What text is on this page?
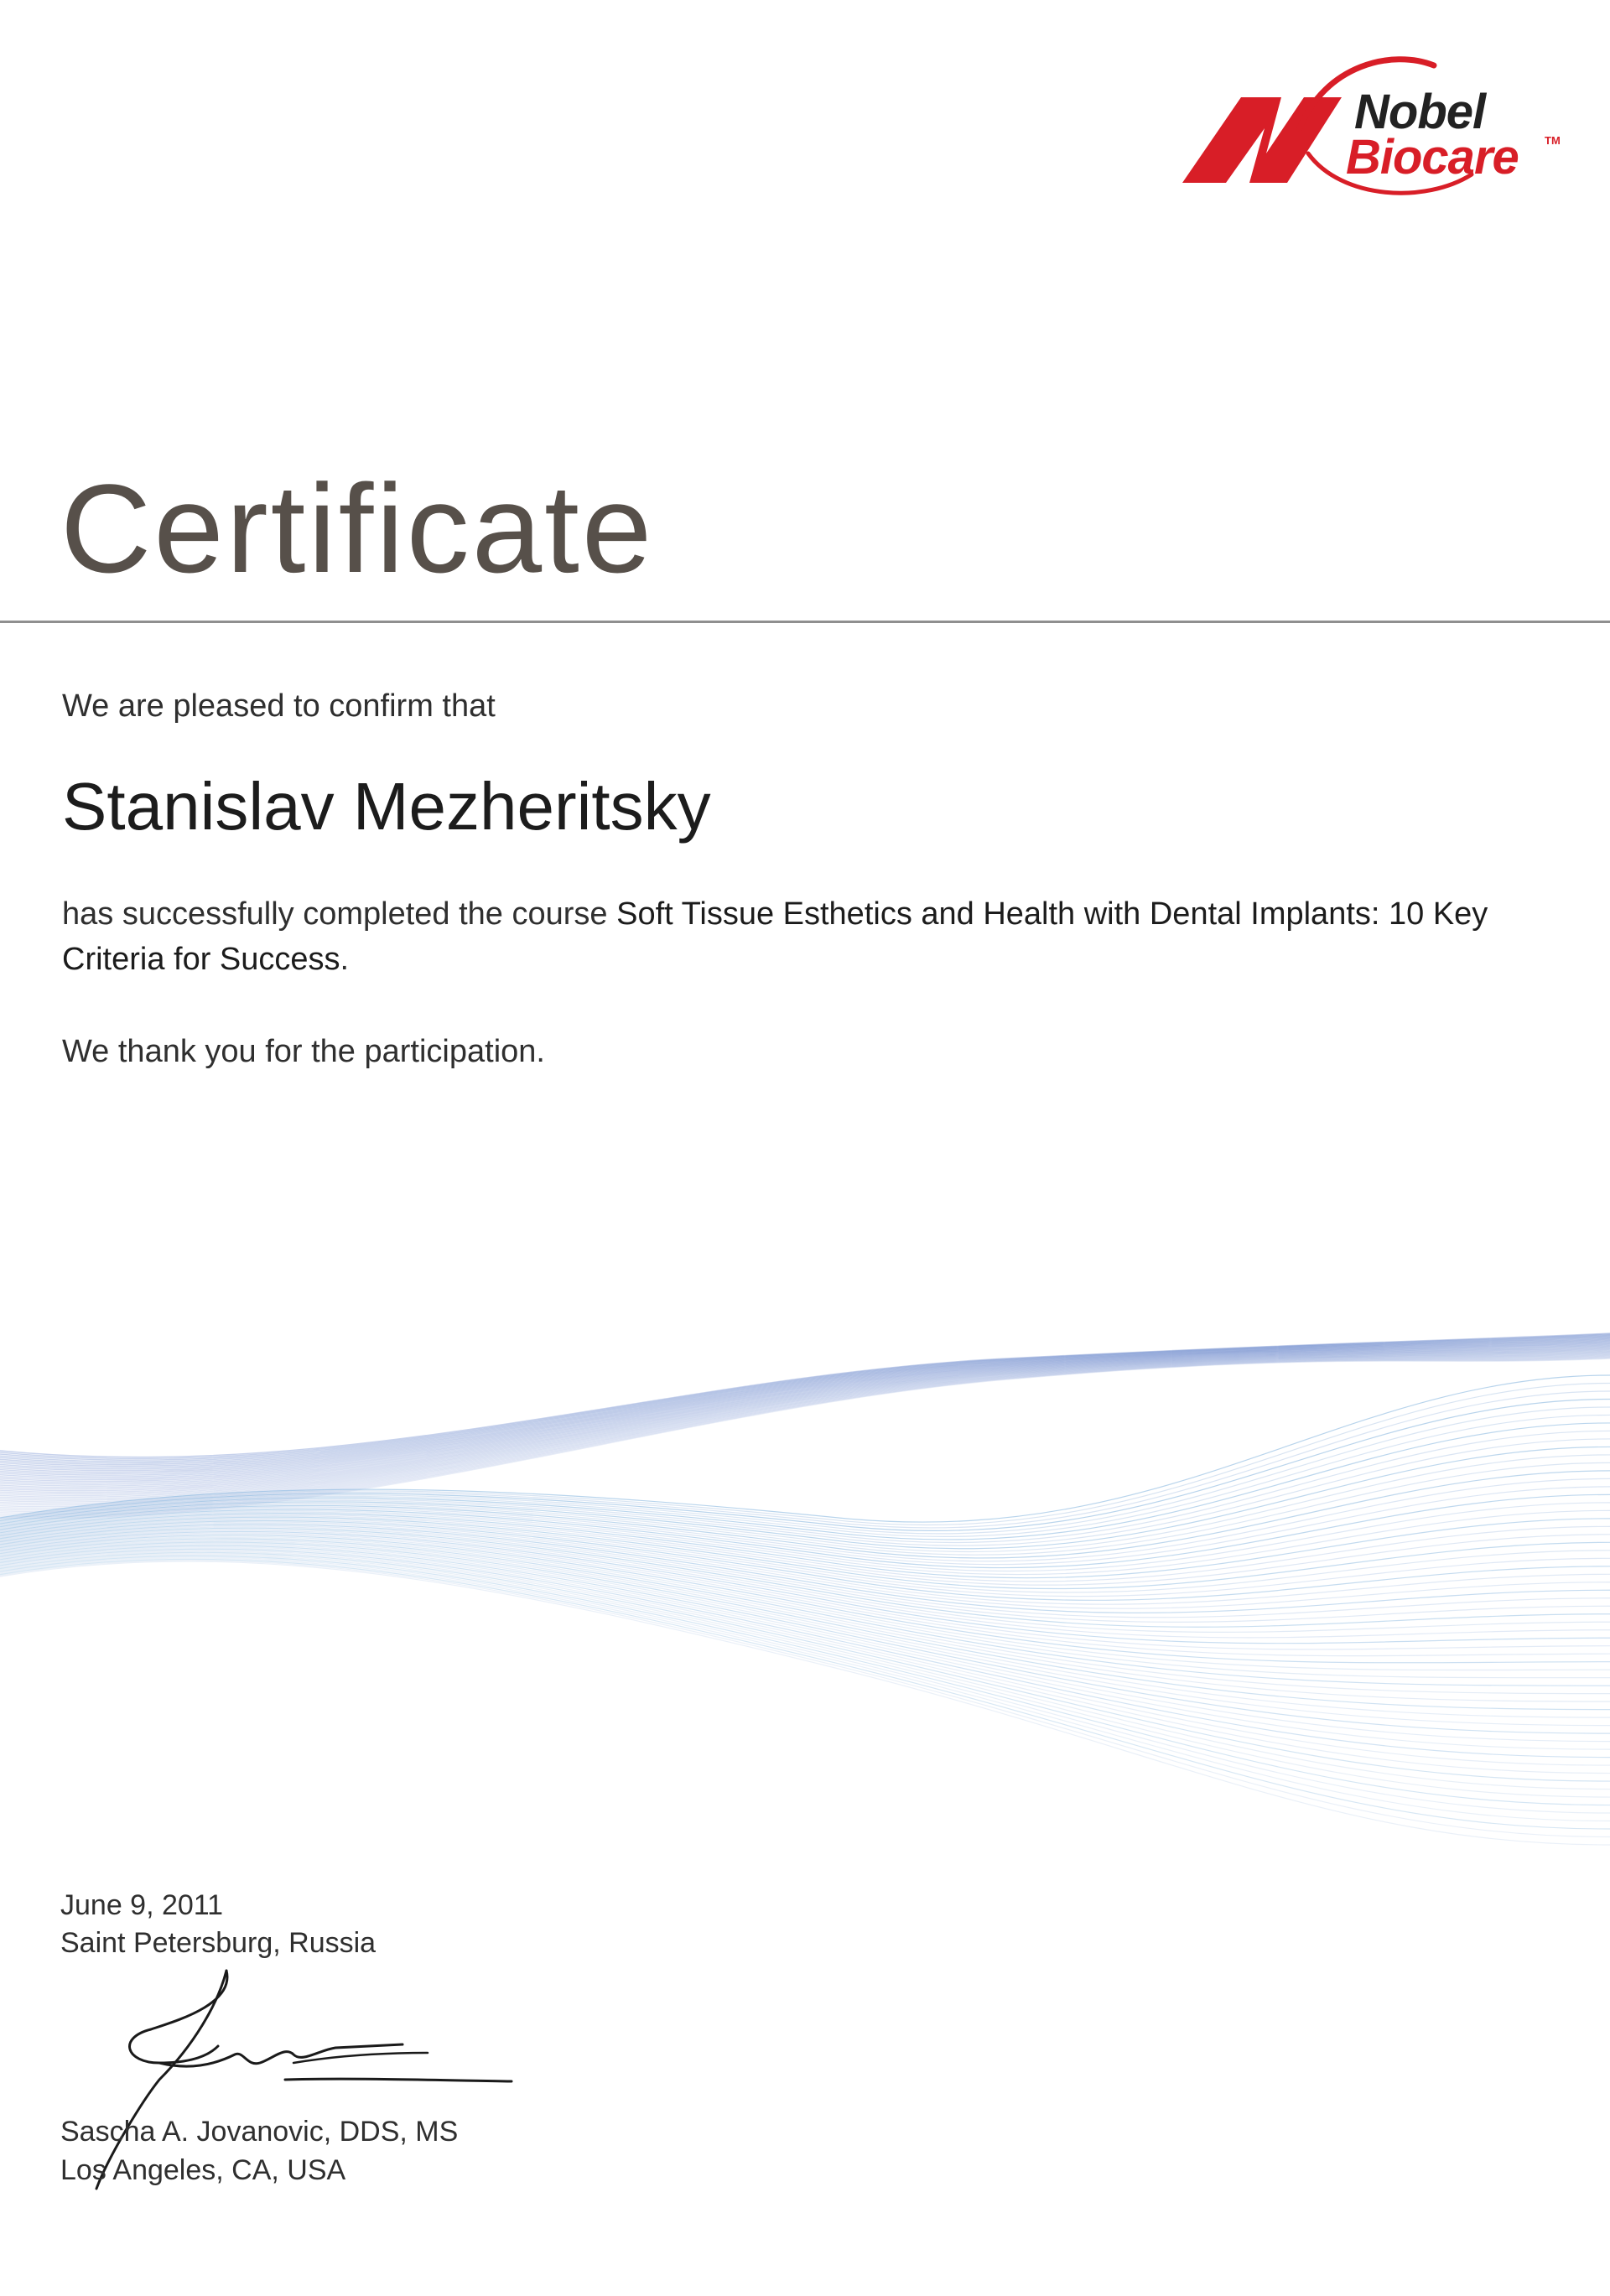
Nobel
Biocare TM
Certificate
We are pleased to confirm that
Stanislav Mezheritsky
has successfully completed the course Soft Tissue Esthetics and Health with Dental Implants: 10 Key Criteria for Success.
We thank you for the participation.
June 9, 2011
Saint Petersburg, Russia
Sascha A. Jovanovic, DDS, MS
Los Angeles, CA, USA
